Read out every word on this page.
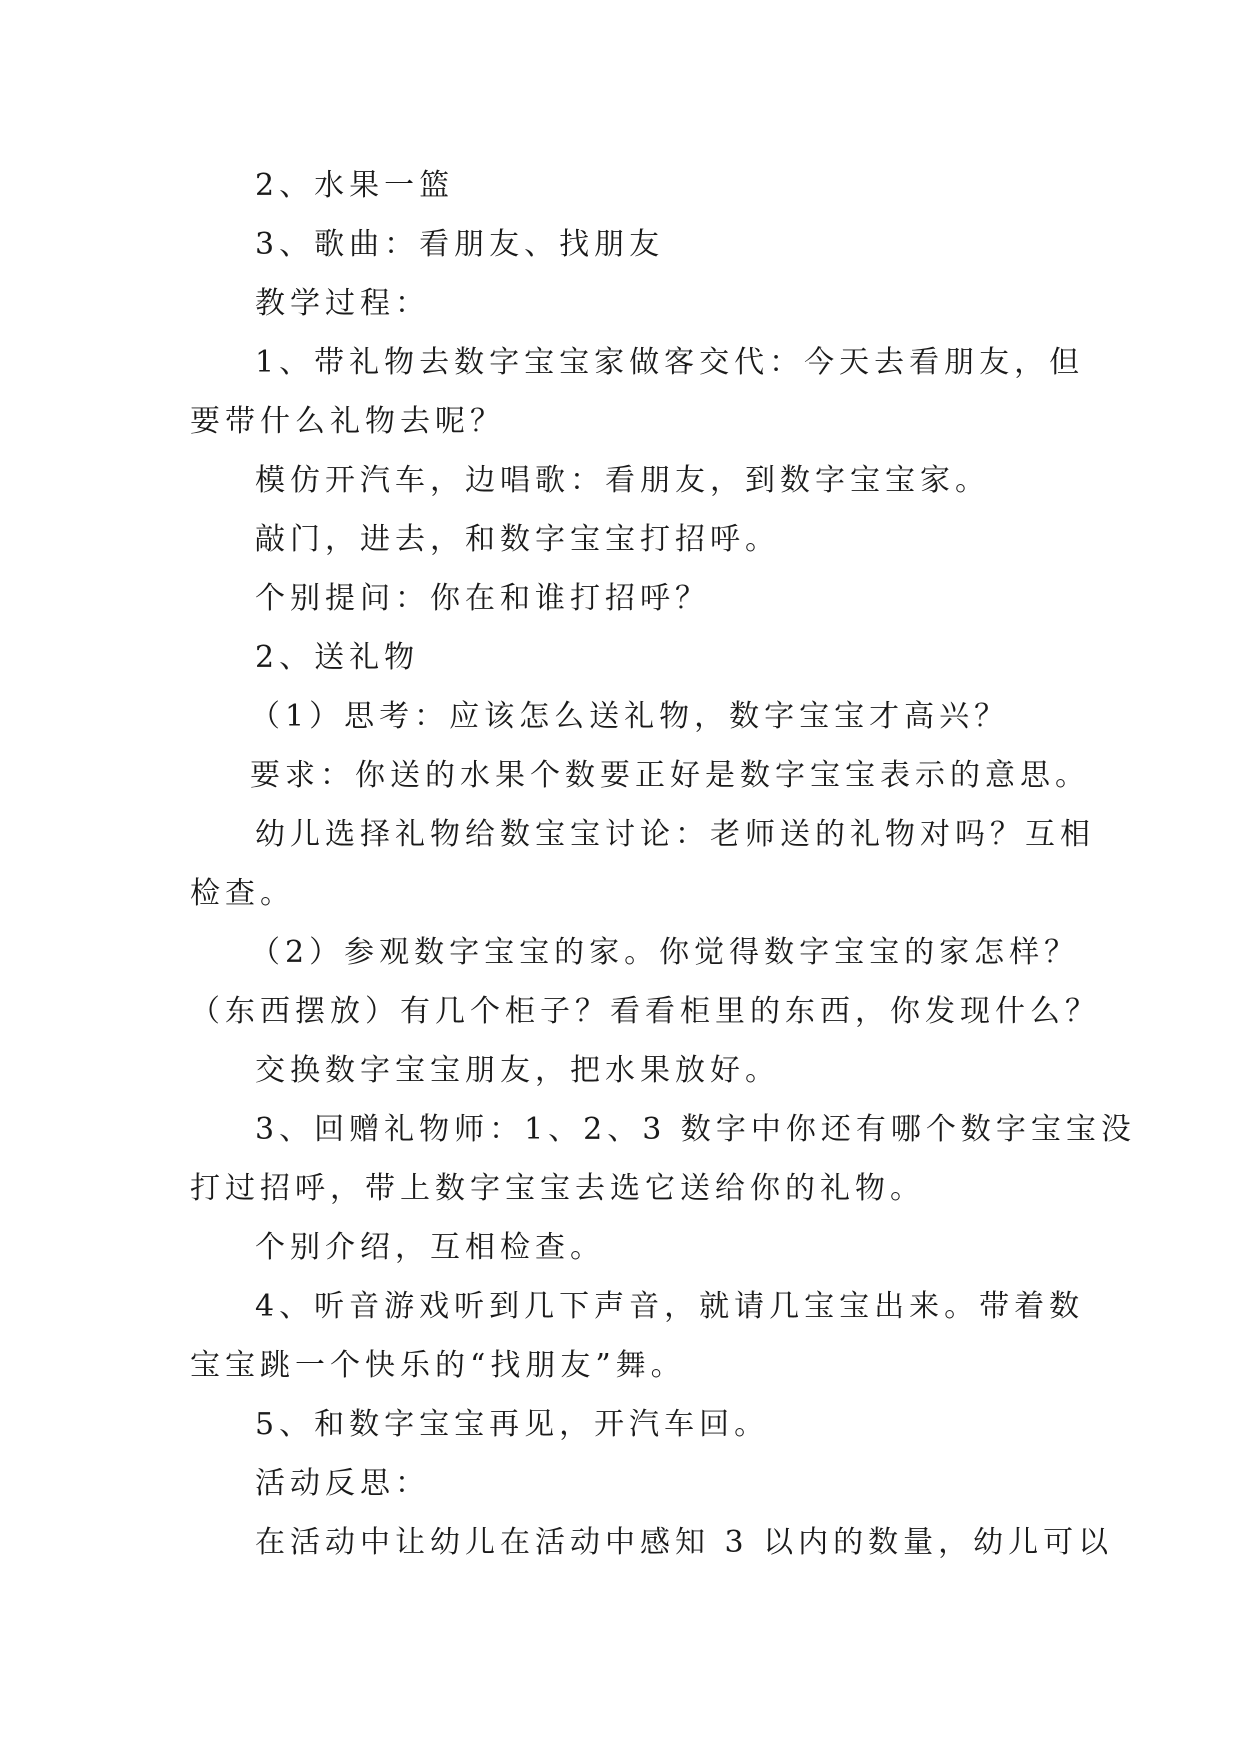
2、水果一篮
3、歌曲：看朋友、找朋友
教学过程：
1、带礼物去数字宝宝家做客交代：今天去看朋友，但
要带什么礼物去呢？
模仿开汽车，边唱歌：看朋友，到数字宝宝家。
敲门，进去，和数字宝宝打招呼。
个别提问：你在和谁打招呼？
2、送礼物
（1）思考：应该怎么送礼物，数字宝宝才高兴？
要求：你送的水果个数要正好是数字宝宝表示的意思。
幼儿选择礼物给数宝宝讨论：老师送的礼物对吗？互相
检查。
（2）参观数字宝宝的家。你觉得数字宝宝的家怎样？
（东西摆放）有几个柜子？看看柜里的东西，你发现什么？
交换数字宝宝朋友，把水果放好。
3、回赠礼物师：1、2、3 数字中你还有哪个数字宝宝没
打过招呼，带上数字宝宝去选它送给你的礼物。
个别介绍，互相检查。
4、听音游戏听到几下声音，就请几宝宝出来。带着数
宝宝跳一个快乐的“找朋友”舞。
5、和数字宝宝再见，开汽车回。
活动反思：
在活动中让幼儿在活动中感知 3 以内的数量，幼儿可以
